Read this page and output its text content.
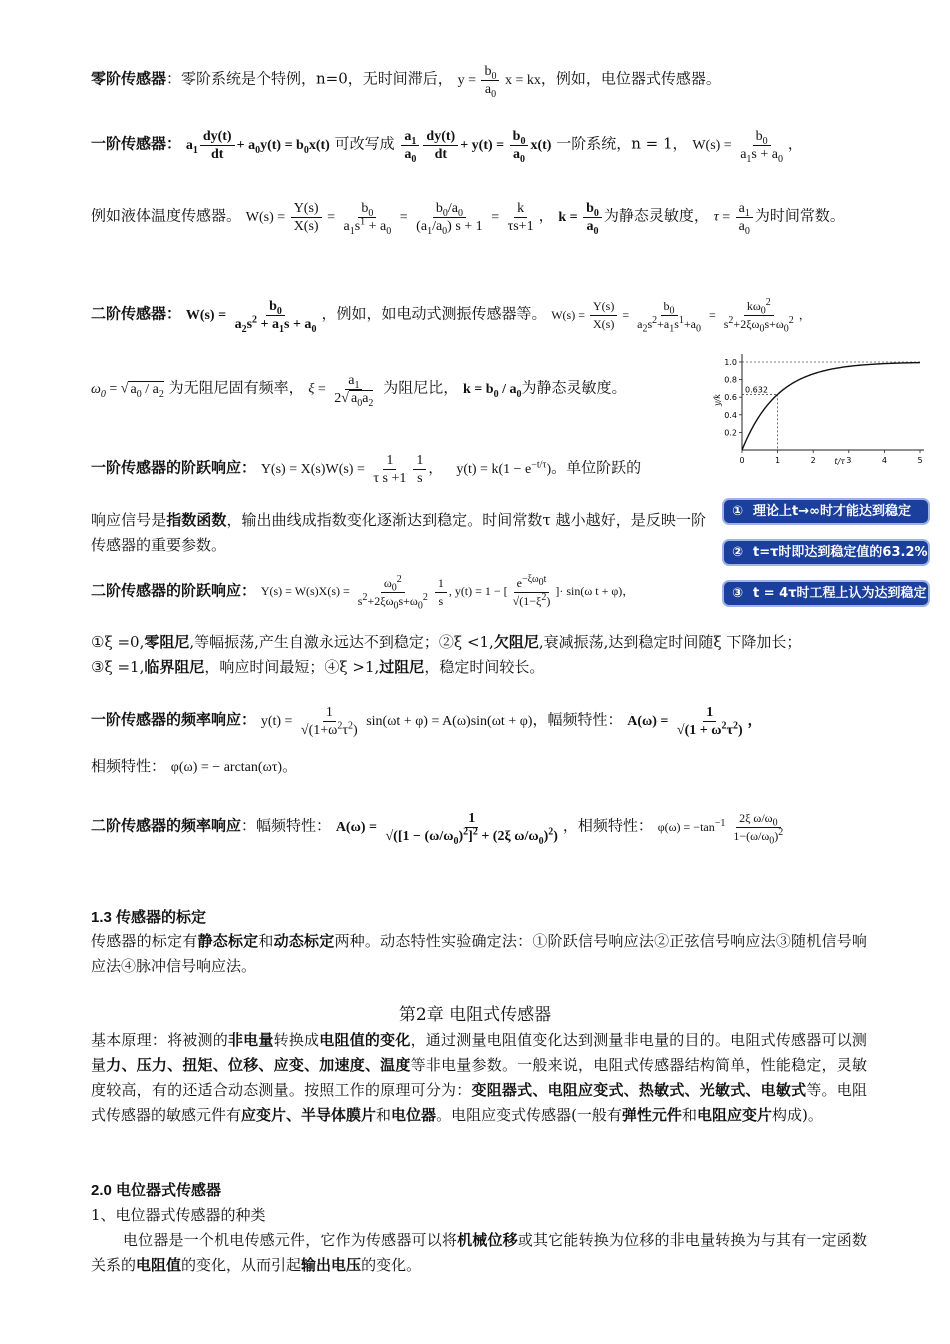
零阶传感器：零阶系统是个特例，n=0，无时间滞后， $y = \frac{b_0}{a_0}$ x = kx，例如，电位器式传感器。
一阶传感器： $a_1 \frac{dy(t)}{dt} + a_0y(t) = b_0x(t)$ 可改写成 $\frac{a_1}{a_0} \frac{dy(t)}{dt} + y(t) = \frac{b_0}{a_0} x(t)$ 一阶系统，n = 1， $W(s) = \frac{b_0}{a_1s + a_0}$ ，
例如液体温度传感器。 $W(s) = \frac{Y(s)}{X(s)} = \frac{b_0}{a_1s^1 + a_0} = \frac{b_0/a_0}{(a_1/a_0) s + 1} = \frac{k}{\tau s+1}$ ， $k = \frac{b_0}{a_0}$ 为静态灵敏度， $\tau = \frac{a_1}{a_0}$ 为时间常数。
二阶传感器： $W(s) = \frac{b_0}{a_2s^2 + a_1s + a_0}$ ，例如，如电动式测振传感器等。 $W(s) = \frac{Y(s)}{X(s)} = \frac{b_0}{a_2s^2+a_1s^1+a_0} = \frac{k\omega_0^2}{s^2+2\xi\omega_0s+\omega_0^2}$ ，
$\omega_0$ = √ $a_0 / a_2$ 为无阻尼固有频率， $\xi = \frac{a_1}{2√ a_0a_2}$ 为阻尼比， $k = b_0 / a_0$为静态灵敏度。
0	1	2	3	4	5
0.2
0.4
0.6
0.8
1.0
0.632
t/τ
y/k
一阶传感器的阶跃响应： $Y(s) = X(s)W(s) = \frac{1}{\text{τ s +1}} \frac{1}{s}$ ，    $y(t) = k(1 - e^{-t/\tau})$。单位阶跃的
响应信号是指数函数，输出曲线成指数变化逐渐达到稳定。时间常数τ 越小越好，是反映一阶传感器的重要参数。
① 理论上t→∞时才能达到稳定
② t=τ时即达到稳定值的63.2%
③ t = 4τ时工程上认为达到稳定
二阶传感器的阶跃响应： $Y(s) = W(s)X(s) = \frac{\omega_0^2}{s^2+2\xi\omega_0s+\omega_0^2} \frac{1}{s}$ , y(t) = 1 − [ $\frac{e^{-\xi\omega_0t}}{√(1-\xi^2)}$ ]· sin(ω t + φ)，
①ξ =0,零阻尼,等幅振荡,产生自激永远达不到稳定；②ξ <1,欠阻尼,衰减振荡,达到稳定时间随ξ 下降加长；
③ξ =1,临界阻尼，响应时间最短；④ξ >1,过阻尼，稳定时间较长。
一阶传感器的频率响应： $y(t) = \frac{1}{√(1+\omega^2\tau^2)} \sin(\omega t + \varphi) = A(\omega)\sin(\omega t + \varphi)$，幅频特性： $A(\omega) = \frac{1}{√(1 + \omega^2\tau^2)}$ ，
相频特性： φ(ω) = − arctan(ωτ)。
二阶传感器的频率响应：幅频特性： $A(\omega) = \frac{1}{√([1 - (\omega/\omega_0)^2]^2 + (2\xi \omega/\omega_0)^2)}$ ，相频特性： $\varphi(\omega) = -\tan^{-1} \frac{2\xi \omega/\omega_0}{1-(\omega/\omega_0)^2}$
1.3 传感器的标定
传感器的标定有静态标定和动态标定两种。动态特性实验确定法：①阶跃信号响应法②正弦信号响应法③随机信号响应法④脉冲信号响应法。
第2章 电阻式传感器
基本原理：将被测的非电量转换成电阻值的变化，通过测量电阻值变化达到测量非电量的目的。电阻式传感器可以测量力、压力、扭矩、位移、应变、加速度、温度等非电量参数。一般来说，电阻式传感器结构简单，性能稳定，灵敏度较高，有的还适合动态测量。按照工作的原理可分为：变阻器式、电阻应变式、热敏式、光敏式、电敏式等。电阻式传感器的敏感元件有应变片、半导体膜片和电位器。电阻应变式传感器(一般有弹性元件和电阻应变片构成)。
2.0 电位器式传感器
1、电位器式传感器的种类
电位器是一个机电传感元件，它作为传感器可以将机械位移或其它能转换为位移的非电量转换为与其有一定函数关系的电阻值的变化，从而引起输出电压的变化。
